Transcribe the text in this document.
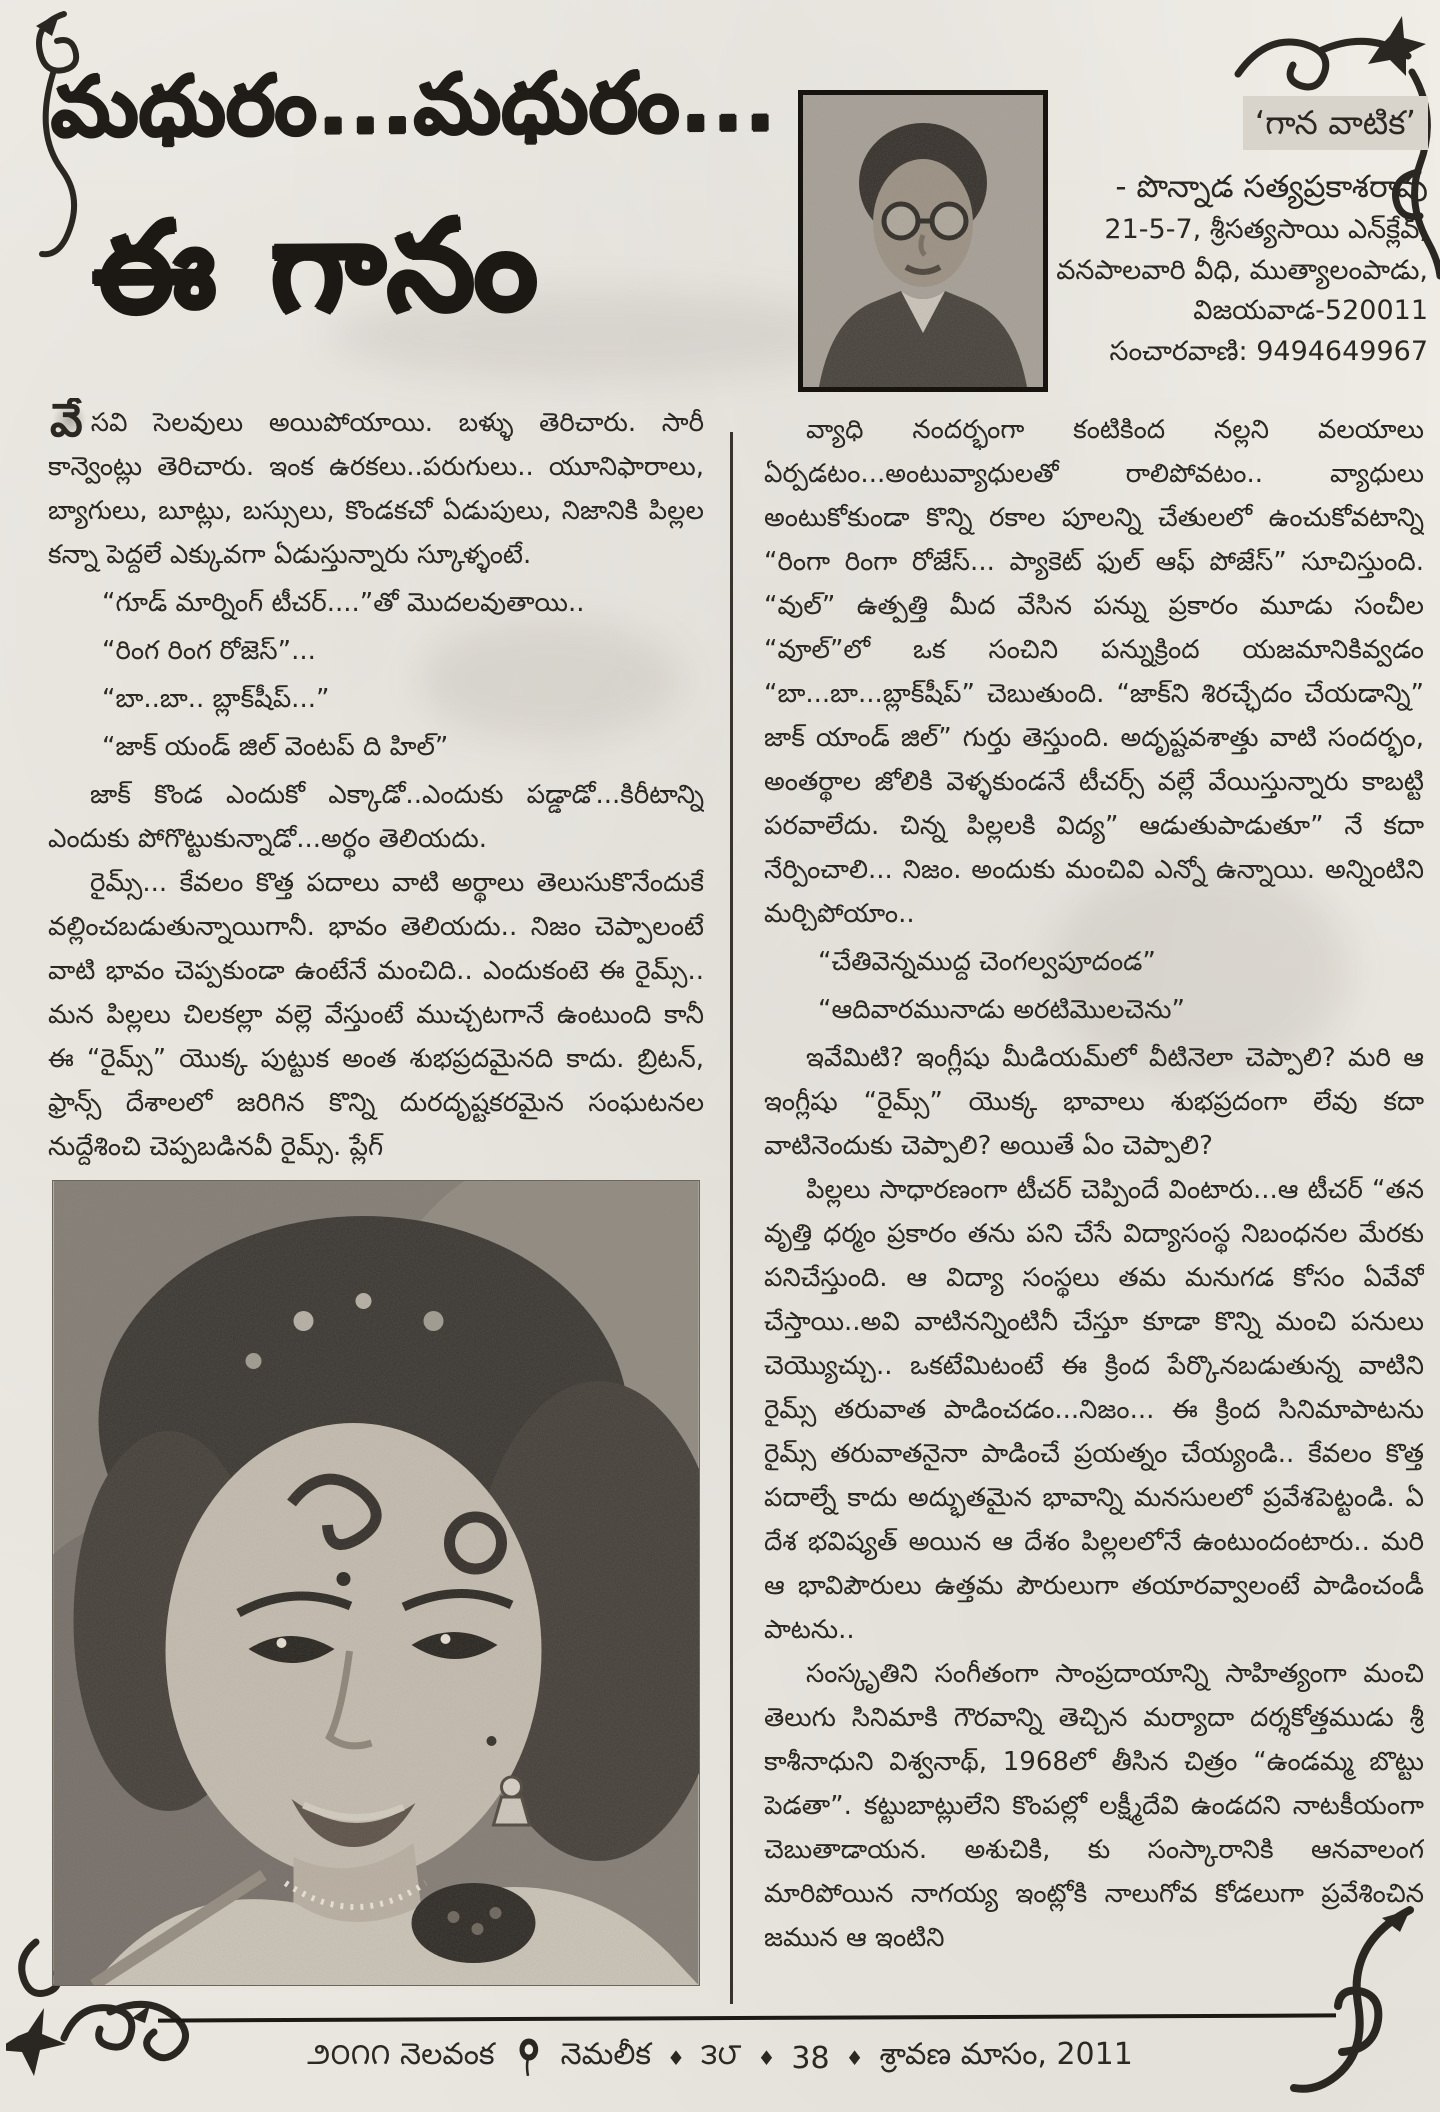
మధురం...మధురం...
ఈ గానం
‘గాన వాటిక’
- పొన్నాడ సత్యప్రకాశరావు
21-5-7, శ్రీసత్యసాయి ఎన్‌క్లేవ్,
వనపాలవారి వీధి, ముత్యాలంపాడు,
విజయవాడ-520011
సంచారవాణి: 9494649967

వే సవి సెలవులు అయిపోయాయి. బళ్ళు తెరిచారు. సారీ కాన్వెంట్లు తెరిచారు. ఇంక ఉరకలు..పరుగులు.. యూనిఫారాలు, బ్యాగులు, బూట్లు, బస్సులు, కొండకచో ఏడుపులు, నిజానికి పిల్లల కన్నా పెద్దలే ఎక్కువగా ఏడుస్తున్నారు స్కూళ్ళంటే.

“గూడ్ మార్నింగ్ టీచర్....”తో మొదలవుతాయి..

“రింగ రింగ రోజెస్”...

“బా..బా.. బ్లాక్‌షీప్...”

“జాక్ యండ్ జిల్ వెంటప్ ది హిల్”

జాక్ కొండ ఎందుకో ఎక్కాడో..ఎందుకు పడ్డాడో...కిరీటాన్ని ఎందుకు పోగొట్టుకున్నాడో...అర్థం తెలియదు.

రైమ్స్... కేవలం కొత్త పదాలు వాటి అర్థాలు తెలుసుకొనేందుకే వల్లించబడుతున్నాయిగానీ. భావం తెలియదు.. నిజం చెప్పాలంటే వాటి భావం చెప్పకుండా ఉంటేనే మంచిది.. ఎందుకంటె ఈ రైమ్స్.. మన పిల్లలు చిలకల్లా వల్లె వేస్తుంటే ముచ్చటగానే ఉంటుంది కానీ ఈ “రైమ్స్” యొక్క పుట్టుక అంత శుభప్రదమైనది కాదు. బ్రిటన్, ఫ్రాన్స్ దేశాలలో జరిగిన కొన్ని దురదృష్టకరమైన సంఘటనల నుద్దేశించి చెప్పబడినవీ రైమ్స్. ప్లేగ్

వ్యాధి నందర్భంగా కంటికింద నల్లని వలయాలు ఏర్పడటం...అంటువ్యాధులతో రాలిపోవటం.. వ్యాధులు అంటుకోకుండా కొన్ని రకాల పూలన్ని చేతులలో ఉంచుకోవటాన్ని “రింగా రింగా రోజేస్... ప్యాకెట్ ఫుల్ ఆఫ్ పోజేస్” సూచిస్తుంది. “వుల్” ఉత్పత్తి మీద వేసిన పన్ను ప్రకారం మూడు సంచీల “వూల్”లో ఒక సంచిని పన్నుక్రింద యజమానికివ్వడం “బా...బా...బ్లాక్‌షీప్” చెబుతుంది. “జాక్‌ని శిరచ్ఛేదం చేయడాన్ని” జాక్ యాండ్ జిల్” గుర్తు తెస్తుంది. అదృష్టవశాత్తు వాటి సందర్భం, అంతర్థాల జోలికి వెళ్ళకుండనే టీచర్స్ వల్లే వేయిస్తున్నారు కాబట్టి పరవాలేదు. చిన్న పిల్లలకి విద్య” ఆడుతుపాడుతూ” నే కదా నేర్పించాలి... నిజం. అందుకు మంచివి ఎన్నో ఉన్నాయి. అన్నింటిని మర్చిపోయాం..

“చేతివెన్నముద్ద చెంగల్వపూదండ”

“ఆదివారమునాడు అరటిమొలచెను”

ఇవేమిటి? ఇంగ్లీషు మీడియమ్‌లో వీటినెలా చెప్పాలి? మరి ఆ ఇంగ్లీషు “రైమ్స్” యొక్క భావాలు శుభప్రదంగా లేవు కదా వాటినెందుకు చెప్పాలి? అయితే ఏం చెప్పాలి?

పిల్లలు సాధారణంగా టీచర్ చెప్పిందే వింటారు...ఆ టీచర్ “తన వృత్తి ధర్మం ప్రకారం తను పని చేసే విద్యాసంస్థ నిబంధనల మేరకు పనిచేస్తుంది. ఆ విద్యా సంస్థలు తమ మనుగడ కోసం ఏవేవో చేస్తాయి..అవి వాటినన్నింటినీ చేస్తూ కూడా కొన్ని మంచి పనులు చెయ్యొచ్చు.. ఒకటేమిటంటే ఈ క్రింద పేర్కొనబడుతున్న వాటిని రైమ్స్ తరువాత పాడించడం...నిజం... ఈ క్రింద సినిమాపాటను రైమ్స్ తరువాతనైనా పాడించే ప్రయత్నం చేయ్యండి.. కేవలం కొత్త పదాల్నే కాదు అద్భుతమైన భావాన్ని మనసులలో ప్రవేశపెట్టండి. ఏ దేశ భవిష్యత్ అయిన ఆ దేశం పిల్లలలోనే ఉంటుందంటారు.. మరి ఆ భావిపౌరులు ఉత్తమ పౌరులుగా తయారవ్వాలంటే పాడించండీ పాటను..

సంస్కృతిని సంగీతంగా సాంప్రదాయాన్ని సాహిత్యంగా మంచి తెలుగు సినిమాకి గౌరవాన్ని తెచ్చిన మర్యాదా దర్శకోత్తముడు శ్రీ కాశీనాధుని విశ్వనాథ్, 1968లో తీసిన చిత్రం “ఉండమ్మ బొట్టు పెడతా”. కట్టుబాట్లులేని కొంపల్లో లక్ష్మీదేవి ఉండదని నాటకీయంగా చెబుతాడాయన. అశుచికి, కు సంస్కారానికి ఆనవాలంగ మారిపోయిన నాగయ్య ఇంట్లోకి నాలుగోవ కోడలుగా ప్రవేశించిన జమున ఆ ఇంటిని

౨౦౧౧ నెలవంక నెమలీక ♦ ౩౮ ♦ 38 ♦ శ్రావణ మాసం, 2011
